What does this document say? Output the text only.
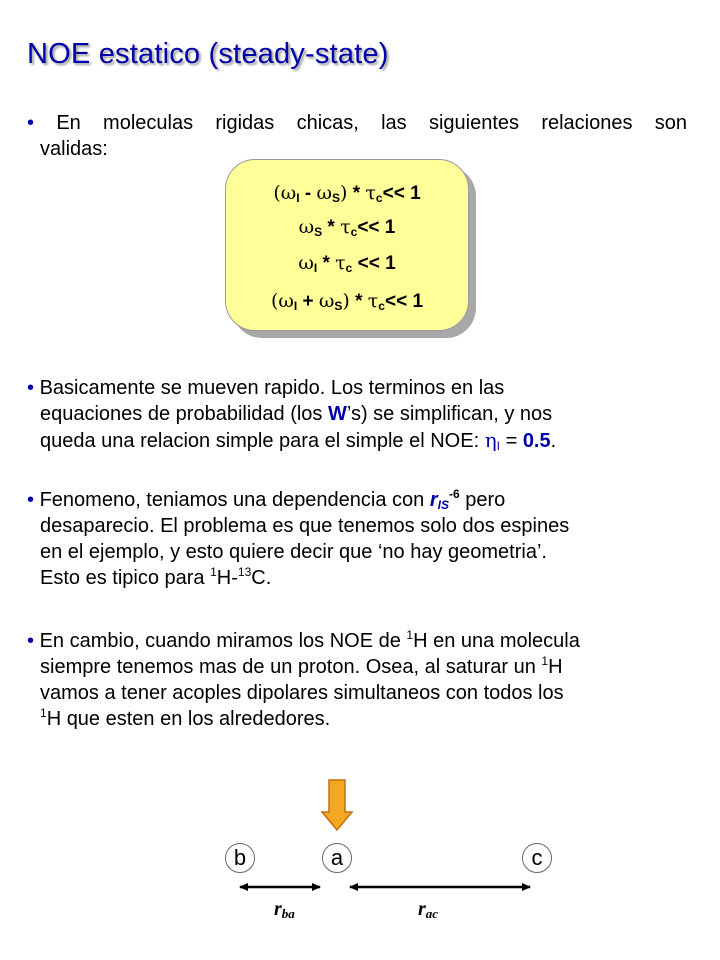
NOE estatico (steady-state)
• En moleculas rigidas chicas, las siguientes relaciones son
validas:
$(\omega_I - \omega_S) * \tau_c<< 1$
$\omega_S * \tau_c<< 1$
$\omega_I * \tau_c << 1$
$(\omega_I + \omega_S) * \tau_c<< 1$
• Basicamente se mueven rapido. Los terminos en las
equaciones de probabilidad (los W’s) se simplifican, y nos
queda una relacion simple para el simple el NOE: $\eta_I = 0.5$.
• Fenomeno, teniamos una dependencia con $r_{IS}^{-6}$ pero
desaparecio. El problema es que tenemos solo dos espines
en el ejemplo, y esto quiere decir que ‘no hay geometria’.
Esto es tipico para $^1$H-$^{13}$C.
• En cambio, cuando miramos los NOE de $^1$H en una molecula
siempre tenemos mas de un proton. Osea, al saturar un $^1$H
vamos a tener acoples dipolares simultaneos con todos los
$^1$H que esten en los alrededores.
b	a	c
$r_{ba}$	$r_{ac}$
